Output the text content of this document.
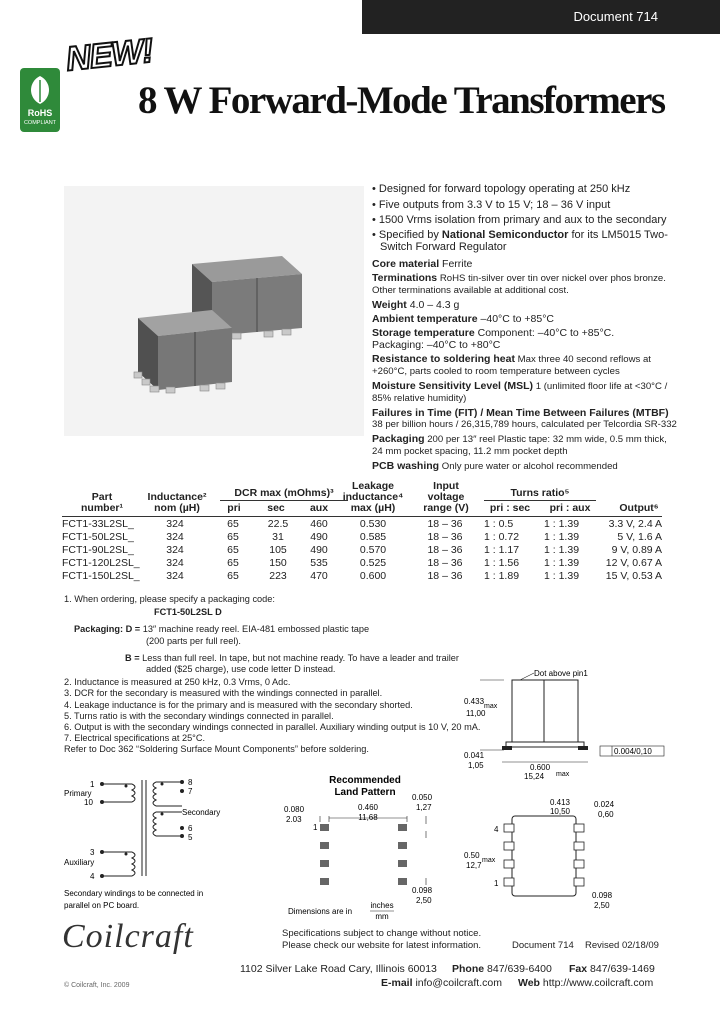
Document 714
NEW!
RoHS
COMPLIANT
8 W Forward-Mode Transformers
• Designed for forward topology operating at 250 kHz
• Five outputs from 3.3 V to 15 V; 18 – 36 V input
• 1500 Vrms isolation from primary and aux to the secondary
• Specified by National Semiconductor for its LM5015 Two-
Switch Forward Regulator
Core material Ferrite
Terminations RoHS tin-silver over tin over nickel over phos bronze.
Other terminations available at additional cost.
Weight 4.0 – 4.3 g
Ambient temperature –40°C to +85°C
Storage temperature Component: –40°C to +85°C.
Packaging: –40°C to +80°C
Resistance to soldering heat Max three 40 second reflows at
+260°C, parts cooled to room temperature between cycles
Moisture Sensitivity Level (MSL) 1 (unlimited floor life at <30°C /
85% relative humidity)
Failures in Time (FIT) / Mean Time Between Failures (MTBF)
38 per billion hours / 26,315,789 hours, calculated per Telcordia SR-332
Packaging 200 per 13″ reel Plastic tape: 32 mm wide, 0.5 mm thick,
24 mm pocket spacing, 11.2 mm pocket depth
PCB washing Only pure water or alcohol recommended
Part
number¹
Inductance²
nom (µH)
DCR max (mOhms)³
pri	sec	aux
Leakage
inductance⁴
max (µH)
Input
voltage
range (V)
Turns ratio⁵
pri : sec	pri : aux	Output⁶
FCT1-33L2SL_	324	65	22.5	460	0.530	18 – 36	1 : 0.5	1 : 1.39	3.3 V, 2.4 A
FCT1-50L2SL_	324	65	31	490	0.585	18 – 36	1 : 0.72	1 : 1.39	5 V, 1.6 A
FCT1-90L2SL_	324	65	105	490	0.570	18 – 36	1 : 1.17	1 : 1.39	9 V, 0.89 A
FCT1-120L2SL_	324	65	150	535	0.525	18 – 36	1 : 1.56	1 : 1.39	12 V, 0.67 A
FCT1-150L2SL_	324	65	223	470	0.600	18 – 36	1 : 1.89	1 : 1.39	15 V, 0.53 A
1. When ordering, please specify a packaging code:
FCT1-50L2SL D
Packaging: D = 13″ machine ready reel. EIA-481 embossed plastic tape
(200 parts per full reel).
B = Less than full reel. In tape, but not machine ready. To have a leader and trailer
added ($25 charge), use code letter D instead.
2. Inductance is measured at 250 kHz, 0.3 Vrms, 0 Adc.
3. DCR for the secondary is measured with the windings connected in parallel.
4. Leakage inductance is for the primary and is measured with the secondary shorted.
5. Turns ratio is with the secondary windings connected in parallel.
6. Output is with the secondary windings connected in parallel. Auxiliary winding output is 10 V, 20 mA.
7. Electrical specifications at 25°C.
Refer to Doc 362 “Soldering Surface Mount Components” before soldering.
1
10
8
7
6
5
3
4
Primary
Secondary
Auxiliary
Secondary windings to be connected in
parallel on PC board.
Recommended
Land Pattern
0.080
2.03
0.460
11,68
0.050
1,27
0.098
2,50
1
Dimensions are in
inches
mm
Dot above pin1
0.433
max
11,00
0.041
1,05	0.600
15,24 max
0.004/0,10
0.413
10,50
4
1
0.50
max
12,7
0.024
0,60
0.098
2,50
Coilcraft	Specifications subject to change without notice.
Please check our website for latest information.	Document 714 Revised 02/18/09
1102 Silver Lake Road Cary, Illinois 60013 Phone 847/639-6400 Fax 847/639-1469
E-mail info@coilcraft.com Web http://www.coilcraft.com
© Coilcraft, Inc. 2009
